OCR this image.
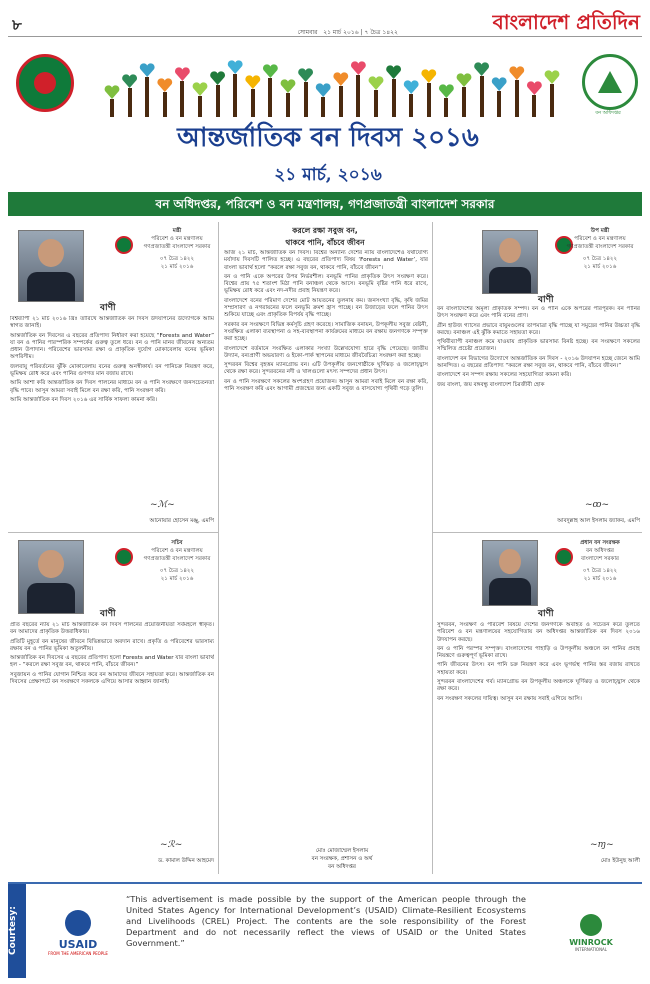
৮	বাংলাদেশ প্রতিদিন
সোমবার ২১ মার্চ ২০১৬ | ৭ চৈত্র ১৪২২
বন অধিদপ্তর
আন্তর্জাতিক বন দিবস ২০১৬
২১ মার্চ, ২০১৬
বন অধিদপ্তর, পরিবেশ ও বন মন্ত্রণালয়, গণপ্রজাতন্ত্রী বাংলাদেশ সরকার
মন্ত্রী
পরিবেশ ও বন মন্ত্রণালয়
গণপ্রজাতন্ত্রী বাংলাদেশ সরকার
০৭ চৈত্র ১৪২২
২১ মার্চ ২০১৬
বাণী

বিশ্বব্যাপী ২১ মার্চ ২০১৬ খ্রিঃ তারিখে আন্তর্জাতিক বন দিবস উদযাপনের উদ্যোগকে আমি স্বাগত জানাই।

আন্তর্জাতিক বন দিবসের এ বছরের প্রতিপাদ্য নির্ধারণ করা হয়েছে “Forests and Water” যা বন ও পানির পারস্পরিক সম্পর্কের গুরুত্ব তুলে ধরে। বন ও পানি মানব জীবনের অন্যতম প্রধান উপাদান। পরিবেশের ভারসাম্য রক্ষা ও প্রাকৃতিক দুর্যোগ মোকাবেলায় বনের ভূমিকা অপরিসীম।

জলবায়ু পরিবর্তনের ঝুঁকি মোকাবেলায় বনের গুরুত্ব অনস্বীকার্য। বন পানিচক্র নিয়ন্ত্রণ করে, ভূমিক্ষয় রোধ করে এবং পানির গুণগত মান বজায় রাখে।

আমি আশা করি আন্তর্জাতিক বন দিবস পালনের মাধ্যমে বন ও পানি সংরক্ষণে জনসচেতনতা বৃদ্ধি পাবে। আসুন আমরা সবাই মিলে বন রক্ষা করি, পানি সংরক্ষণ করি।

আমি আন্তর্জাতিক বন দিবস ২০১৬ এর সার্বিক সাফল্য কামনা করি।

~ℳ~
আনোয়ার হোসেন মঞ্জু, এমপি
উপ মন্ত্রী
পরিবেশ ও বন মন্ত্রণালয়
গণপ্রজাতন্ত্রী বাংলাদেশ সরকার
০৭ চৈত্র ১৪২২
২১ মার্চ ২০১৬
বাণী

বন বাংলাদেশের অমূল্য প্রাকৃতিক সম্পদ। বন ও পানি একে অপরের পরিপূরক। বন পানির উৎস সংরক্ষণ করে এবং পানি বনের প্রাণ।

গ্রীন হাউজ গ্যাসের প্রভাবে বায়ুমণ্ডলের তাপমাত্রা বৃদ্ধি পাচ্ছে যা সমুদ্রের পানির উচ্চতা বৃদ্ধি করছে। বনাঞ্চল এই ঝুঁকি কমাতে সহায়তা করে।

পৃথিবীব্যাপী বনাঞ্চল কমে যাওয়ায় প্রাকৃতিক ভারসাম্য বিনষ্ট হচ্ছে। বন সংরক্ষণে সকলের সম্মিলিত প্রচেষ্টা প্রয়োজন।

বাংলাদেশ বন বিভাগের উদ্যোগে আন্তর্জাতিক বন দিবস - ২০১৬ উদযাপন হচ্ছে জেনে আমি আনন্দিত। এ বছরের প্রতিপাদ্য “করলে রক্ষা সবুজ বন, থাকবে পানি, বাঁচবে জীবন।”

বাংলাদেশে বন সম্পদ রক্ষায় সকলের সহযোগিতা কামনা করি।

জয় বাংলা, জয় বঙ্গবন্ধু বাংলাদেশ চিরজীবী হোক

~ꝏ~
আবদুল্লাহ আল ইসলাম জ্যাকব, এমপি
সচিব
পরিবেশ ও বন মন্ত্রণালয়
গণপ্রজাতন্ত্রী বাংলাদেশ সরকার
০৭ চৈত্র ১৪২২
২১ মার্চ ২০১৬
বাণী

প্রতি বছরের ন্যায় ২১ মার্চ আন্তর্জাতিক বন দিবস পালনের প্রয়োজনীয়তা সর্বমহলে স্বীকৃত। বন আমাদের প্রাকৃতিক উত্তরাধিকার।

প্রতিটি মুহূর্তে বন মানুষের জীবনে বিভিন্নভাবে অবদান রাখে। প্রকৃতি ও পরিবেশের ভারসাম্য রক্ষায় বন ও পানির ভূমিকা অতুলনীয়।

আন্তর্জাতিক বন দিবসের এ বছরের প্রতিপাদ্য হলো Forests and Water যার বাংলা ভাবার্থ হল - “করলে রক্ষা সবুজ বন, থাকবে পানি, বাঁচবে জীবন।”

সবুজায়ন ও পানির যোগান নিশ্চিত করে বন আমাদের জীবনে সহায়তা করে। আন্তর্জাতিক বন দিবসের প্রেক্ষাপটে বন সংরক্ষণে সকলকে এগিয়ে আসার আহ্বান জানাই।

~ℛ~
ড. কামাল উদ্দিন আহমেদ
প্রধান বন সংরক্ষক
বন অধিদপ্তর
বাংলাদেশ সরকার
০৭ চৈত্র ১৪২২
২১ মার্চ ২০১৬
বাণী

সুন্দরবন, সংরক্ষণ ও পরিবেশ বিষয়ে দেশের জনগণকে অবহিত ও সচেতন করে তুলতে পরিবেশ ও বন মন্ত্রণালয়ের সহযোগিতায় বন অধিদপ্তর আন্তর্জাতিক বন দিবস ২০১৬ উদযাপন করছে।

বন ও পানি পরস্পর সম্পৃক্ত। বাংলাদেশের পাহাড়ি ও উপকূলীয় অঞ্চলে বন পানির প্রবাহ নিয়ন্ত্রণে গুরুত্বপূর্ণ ভূমিকা রাখে।

পানি জীবনের উৎস। বন পানি চক্র নিয়ন্ত্রণ করে এবং ভূগর্ভস্থ পানির স্তর বজায় রাখতে সহায়তা করে।

সুন্দরবন বাংলাদেশের গর্ব। ম্যানগ্রোভ বন উপকূলীয় অঞ্চলকে ঘূর্ণিঝড় ও জলোচ্ছ্বাস থেকে রক্ষা করে।

বন সংরক্ষণ সকলের দায়িত্ব। আসুন বন রক্ষায় সবাই এগিয়ে আসি।

~ɱ~
মোঃ ইউনুছ আলী
করলে রক্ষা সবুজ বন,
থাকবে পানি, বাঁচবে জীবন

আজ ২১ মার্চ, আন্তর্জাতিক বন দিবস। বিশ্বের অন্যান্য দেশের ন্যায় বাংলাদেশেও যথাযোগ্য মর্যাদায় দিবসটি পালিত হচ্ছে। এ বছরের প্রতিপাদ্য বিষয় ‘Forests and Water’, যার বাংলা ভাবার্থ হলো “করলে রক্ষা সবুজ বন, থাকবে পানি, বাঁচবে জীবন”।

বন ও পানি একে অপরের উপর নির্ভরশীল। বনভূমি পানির প্রাকৃতিক উৎস সংরক্ষণ করে। বিশ্বের প্রায় ৭৫ শতাংশ মিঠা পানি বনাঞ্চল থেকে আসে। বনভূমি বৃষ্টির পানি ধরে রাখে, ভূমিক্ষয় রোধ করে এবং নদ-নদীর প্রবাহ নিয়ন্ত্রণ করে।

বাংলাদেশে বনের পরিমাণ দেশের মোট আয়তনের তুলনায় কম। জনসংখ্যা বৃদ্ধি, কৃষি জমির সম্প্রসারণ ও নগরায়নের ফলে বনভূমি ক্রমশ হ্রাস পাচ্ছে। বন উজাড়ের ফলে পানির উৎস শুকিয়ে যাচ্ছে এবং প্রাকৃতিক বিপর্যয় বৃদ্ধি পাচ্ছে।

সরকার বন সংরক্ষণে বিভিন্ন কর্মসূচি গ্রহণ করেছে। সামাজিক বনায়ন, উপকূলীয় সবুজ বেষ্টনী, সংরক্ষিত এলাকা ব্যবস্থাপনা ও সহ-ব্যবস্থাপনা কার্যক্রমের মাধ্যমে বন রক্ষায় জনগণকে সম্পৃক্ত করা হচ্ছে।

বাংলাদেশে বর্তমানে সংরক্ষিত এলাকার সংখ্যা উল্লেখযোগ্য হারে বৃদ্ধি পেয়েছে। জাতীয় উদ্যান, বন্যপ্রাণী অভয়ারণ্য ও ইকো-পার্ক স্থাপনের মাধ্যমে জীববৈচিত্র্য সংরক্ষণ করা হচ্ছে।

সুন্দরবন বিশ্বের বৃহত্তম ম্যানগ্রোভ বন। এটি উপকূলীয় জনগোষ্ঠীকে ঘূর্ণিঝড় ও জলোচ্ছ্বাস থেকে রক্ষা করে। সুন্দরবনের নদী ও খালগুলো মৎস্য সম্পদের প্রধান উৎস।

বন ও পানি সংরক্ষণে সকলের অংশগ্রহণ প্রয়োজন। আসুন আমরা সবাই মিলে বন রক্ষা করি, পানি সংরক্ষণ করি এবং আগামী প্রজন্মের জন্য একটি সবুজ ও বাসযোগ্য পৃথিবী গড়ে তুলি।

মোঃ মোজাম্মেল ইসলাম
বন সংরক্ষক, প্রশাসন ও অর্থ
বন অধিদপ্তর
Courtesy:	USAID
FROM THE AMERICAN PEOPLE
“This advertisement is made possible by the support of the American people through the United States Agency for International Development’s (USAID) Climate-Resilient Ecosystems and Livelihoods (CREL) Project. The contents are the sole responsibility of the Forest Department and do not necessarily reflect the views of USAID or the United States Government.”	WINROCK
INTERNATIONAL
